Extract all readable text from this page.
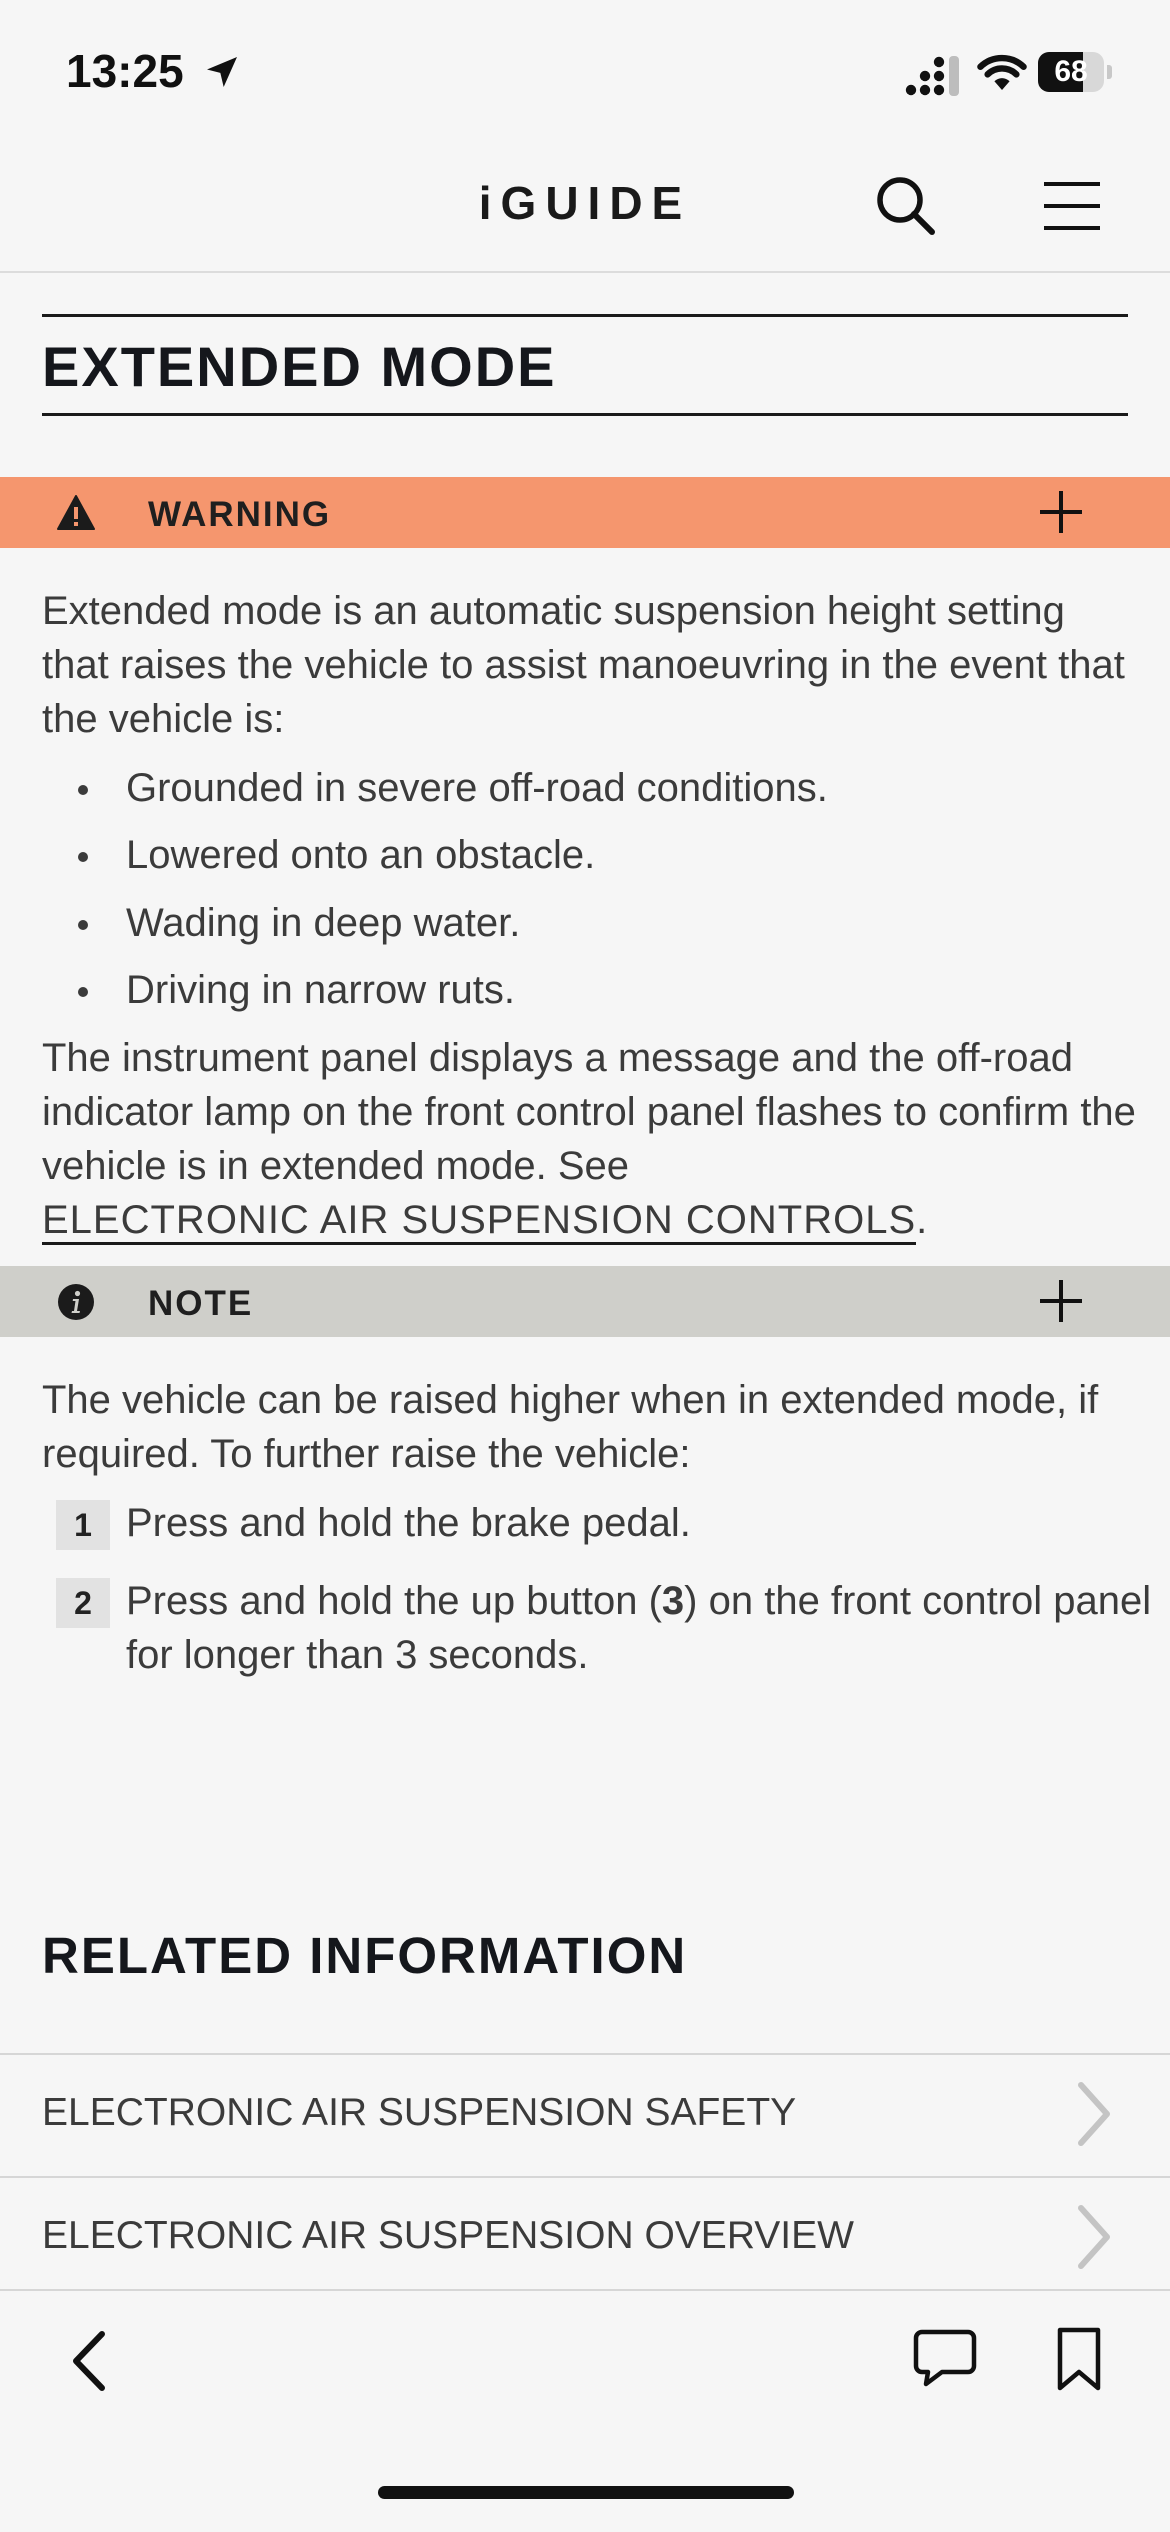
13:25	68
iGUIDE
EXTENDED MODE
WARNING
Extended mode is an automatic suspension height setting that raises the vehicle to assist manoeuvring in the event that the vehicle is:
Grounded in severe off-road conditions.
Lowered onto an obstacle.
Wading in deep water.
Driving in narrow ruts.
The instrument panel displays a message and the off-road indicator lamp on the front control panel flashes to confirm the vehicle is in extended mode. See
ELECTRONIC AIR SUSPENSION CONTROLS.
NOTE
The vehicle can be raised higher when in extended mode, if required. To further raise the vehicle:
1 Press and hold the brake pedal.
2 Press and hold the up button (3) on the front control panel for longer than 3 seconds.
RELATED INFORMATION
ELECTRONIC AIR SUSPENSION SAFETY
ELECTRONIC AIR SUSPENSION OVERVIEW
